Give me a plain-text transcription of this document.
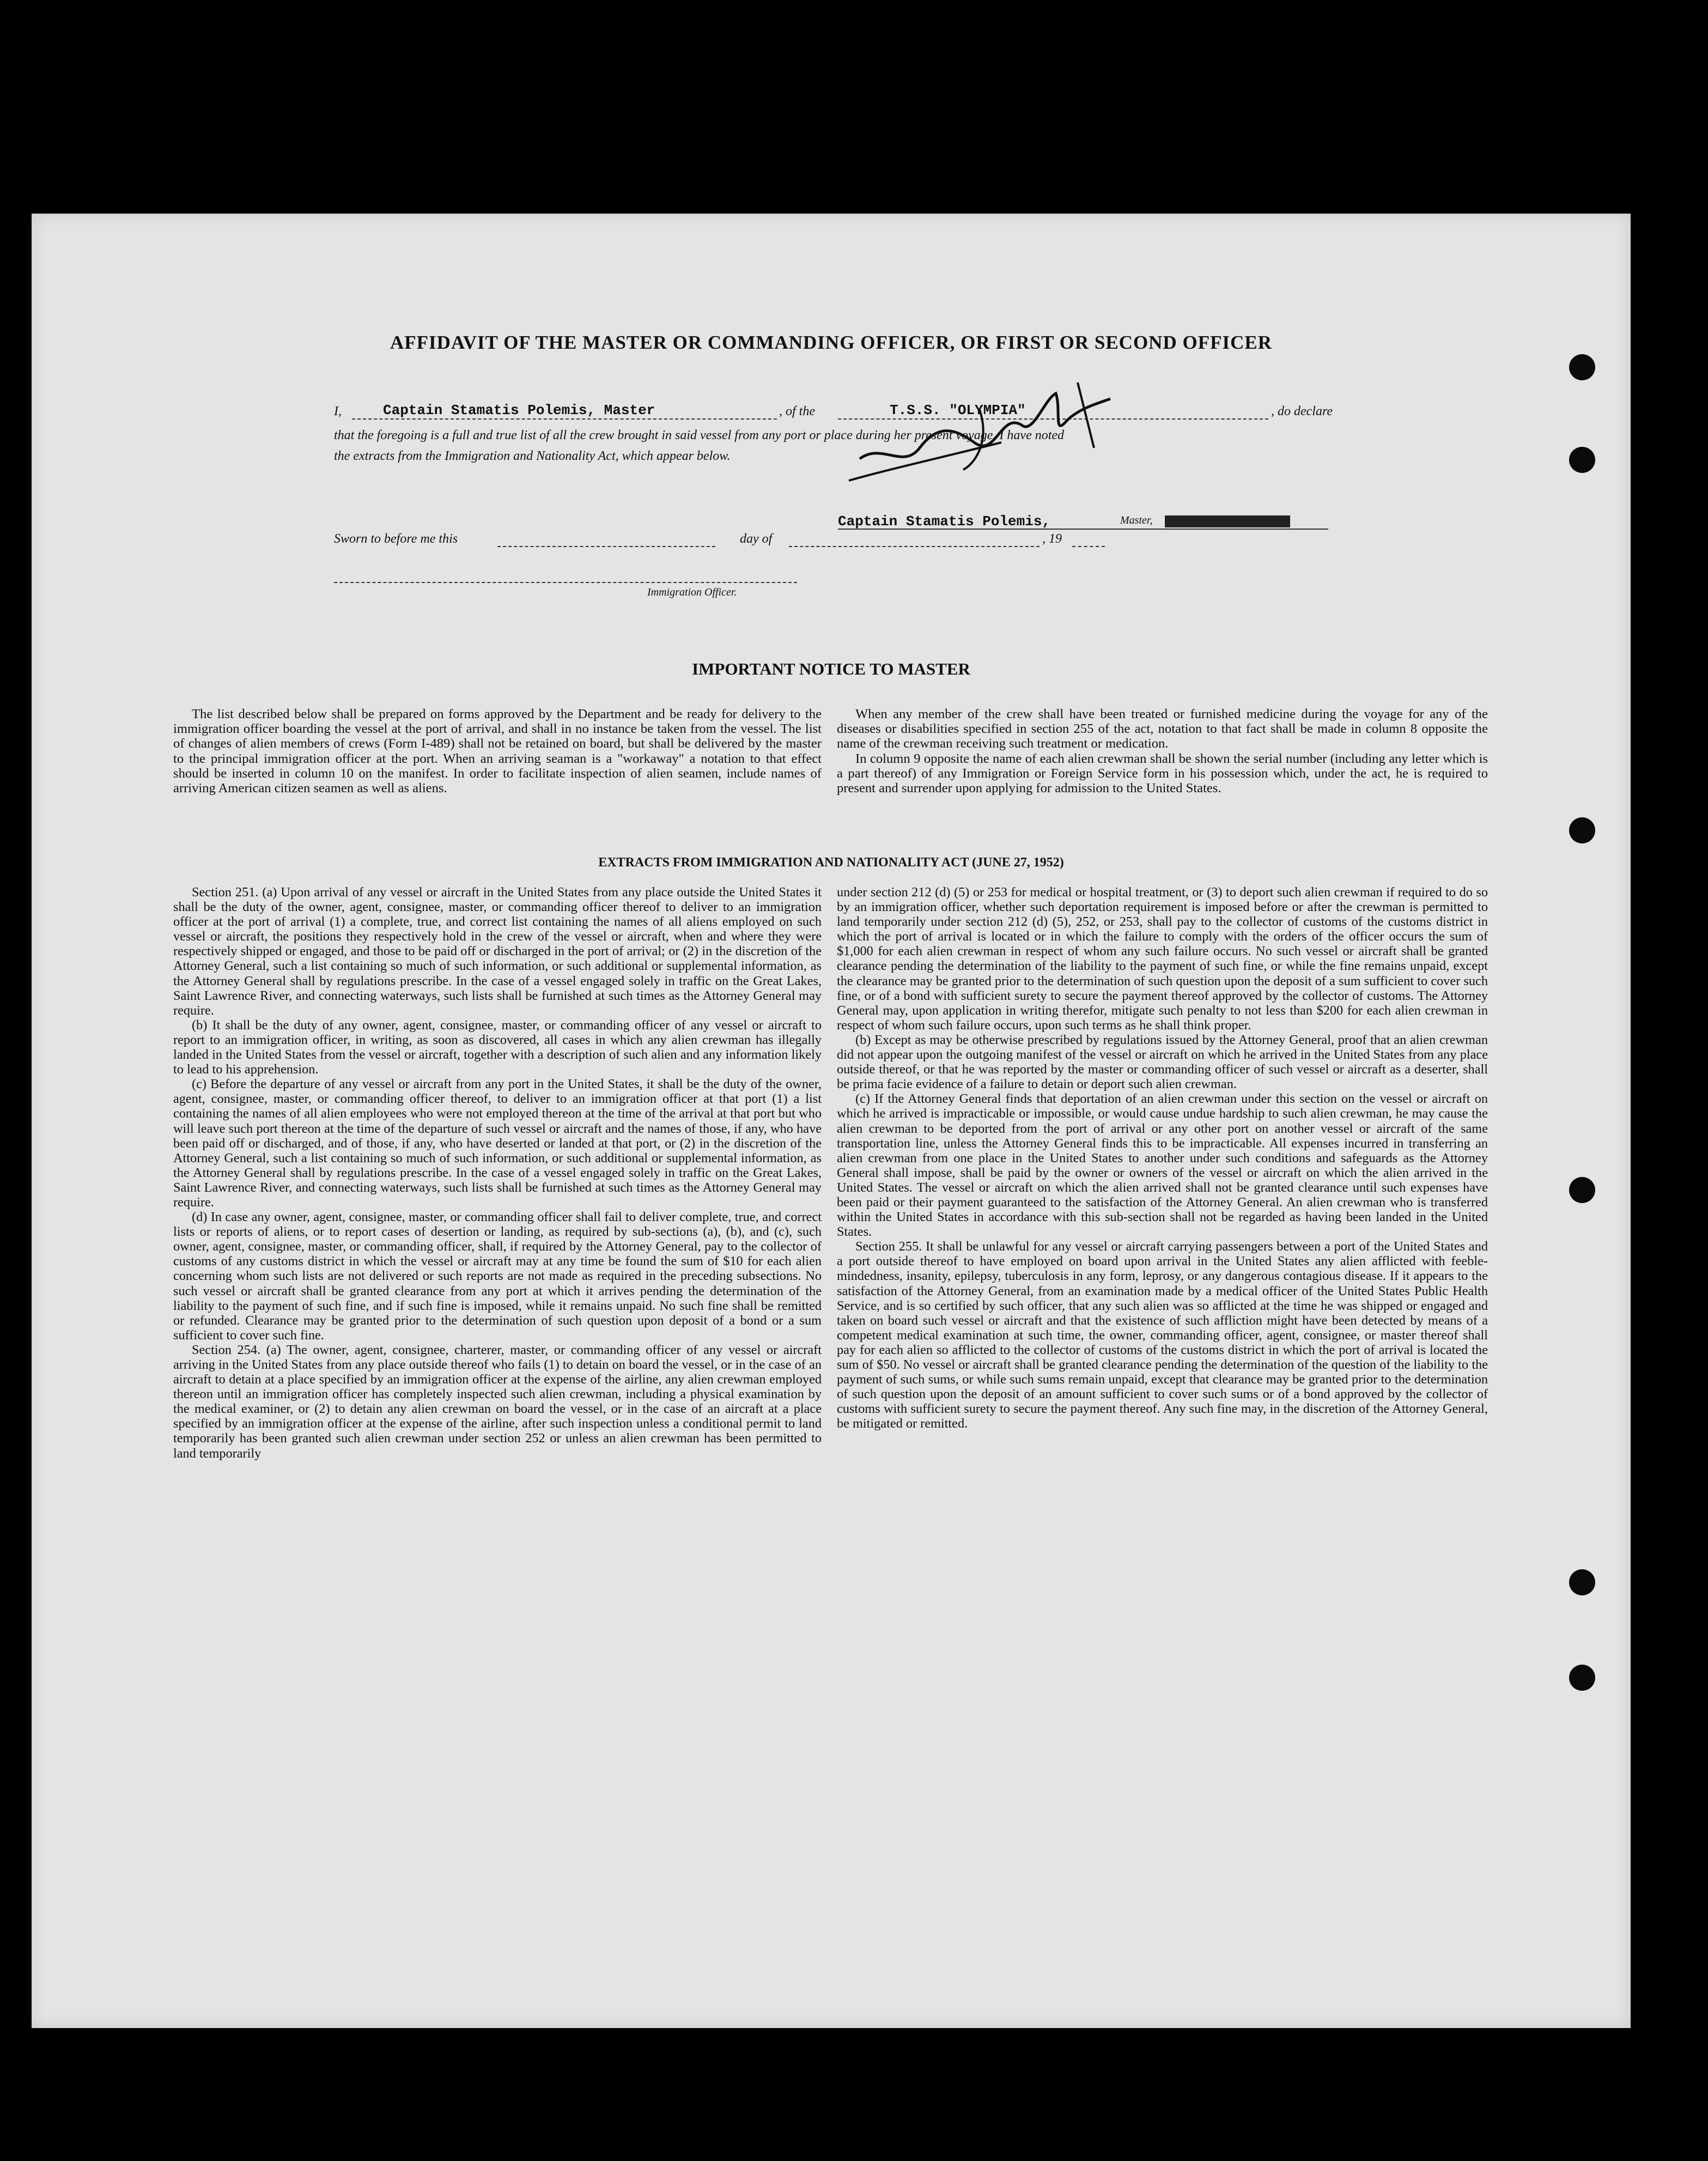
AFFIDAVIT OF THE MASTER OR COMMANDING OFFICER, OR FIRST OR SECOND OFFICER
I,	Captain Stamatis Polemis, Master	, of the	T.S.S. "OLYMPIA"	, do declare
that the foregoing is a full and true list of all the crew brought in said vessel from any port or place during her present voyage. I have noted
the extracts from the Immigration and Nationality Act, which appear below.
Captain Stamatis Polemis,	Master,
Sworn to before me this	day of	, 19
Immigration Officer.
IMPORTANT NOTICE TO MASTER

The list described below shall be prepared on forms approved by the Department and be ready for delivery to the immigration officer boarding the vessel at the port of arrival, and shall in no instance be taken from the vessel. The list of changes of alien members of crews (Form I-489) shall not be retained on board, but shall be delivered by the master to the principal immigration officer at the port. When an arriving seaman is a "workaway" a notation to that effect should be inserted in column 10 on the manifest. In order to facilitate inspection of alien seamen, include names of arriving American citizen seamen as well as aliens.

When any member of the crew shall have been treated or furnished medicine during the voyage for any of the diseases or disabilities specified in section 255 of the act, notation to that fact shall be made in column 8 opposite the name of the crewman receiving such treatment or medication.

In column 9 opposite the name of each alien crewman shall be shown the serial number (including any letter which is a part thereof) of any Immigration or Foreign Service form in his possession which, under the act, he is required to present and surrender upon applying for admission to the United States.

EXTRACTS FROM IMMIGRATION AND NATIONALITY ACT (JUNE 27, 1952)

Section 251. (a) Upon arrival of any vessel or aircraft in the United States from any place outside the United States it shall be the duty of the owner, agent, consignee, master, or commanding officer thereof to deliver to an immigration officer at the port of arrival (1) a complete, true, and correct list containing the names of all aliens employed on such vessel or aircraft, the positions they respectively hold in the crew of the vessel or aircraft, when and where they were respectively shipped or engaged, and those to be paid off or discharged in the port of arrival; or (2) in the discretion of the Attorney General, such a list containing so much of such information, or such additional or supplemental information, as the Attorney General shall by regulations prescribe. In the case of a vessel engaged solely in traffic on the Great Lakes, Saint Lawrence River, and connecting waterways, such lists shall be furnished at such times as the Attorney General may require.

(b) It shall be the duty of any owner, agent, consignee, master, or commanding officer of any vessel or aircraft to report to an immigration officer, in writing, as soon as discovered, all cases in which any alien crewman has illegally landed in the United States from the vessel or aircraft, together with a description of such alien and any information likely to lead to his apprehension.

(c) Before the departure of any vessel or aircraft from any port in the United States, it shall be the duty of the owner, agent, consignee, master, or commanding officer thereof, to deliver to an immigration officer at that port (1) a list containing the names of all alien employees who were not employed thereon at the time of the arrival at that port but who will leave such port thereon at the time of the departure of such vessel or aircraft and the names of those, if any, who have been paid off or discharged, and of those, if any, who have deserted or landed at that port, or (2) in the discretion of the Attorney General, such a list containing so much of such information, or such additional or supplemental information, as the Attorney General shall by regulations prescribe. In the case of a vessel engaged solely in traffic on the Great Lakes, Saint Lawrence River, and connecting waterways, such lists shall be furnished at such times as the Attorney General may require.

(d) In case any owner, agent, consignee, master, or commanding officer shall fail to deliver complete, true, and correct lists or reports of aliens, or to report cases of desertion or landing, as required by sub-sections (a), (b), and (c), such owner, agent, consignee, master, or commanding officer, shall, if required by the Attorney General, pay to the collector of customs of any customs district in which the vessel or aircraft may at any time be found the sum of $10 for each alien concerning whom such lists are not delivered or such reports are not made as required in the preceding subsections. No such vessel or aircraft shall be granted clearance from any port at which it arrives pending the determination of the liability to the payment of such fine, and if such fine is imposed, while it remains unpaid. No such fine shall be remitted or refunded. Clearance may be granted prior to the determination of such question upon deposit of a bond or a sum sufficient to cover such fine.

Section 254. (a) The owner, agent, consignee, charterer, master, or commanding officer of any vessel or aircraft arriving in the United States from any place outside thereof who fails (1) to detain on board the vessel, or in the case of an aircraft to detain at a place specified by an immigration officer at the expense of the airline, any alien crewman employed thereon until an immigration officer has completely inspected such alien crewman, including a physical examination by the medical examiner, or (2) to detain any alien crewman on board the vessel, or in the case of an aircraft at a place specified by an immigration officer at the expense of the airline, after such inspection unless a conditional permit to land temporarily has been granted such alien crewman under section 252 or unless an alien crewman has been permitted to land temporarily

under section 212 (d) (5) or 253 for medical or hospital treatment, or (3) to deport such alien crewman if required to do so by an immigration officer, whether such deportation requirement is imposed before or after the crewman is permitted to land temporarily under section 212 (d) (5), 252, or 253, shall pay to the collector of customs of the customs district in which the port of arrival is located or in which the failure to comply with the orders of the officer occurs the sum of $1,000 for each alien crewman in respect of whom any such failure occurs. No such vessel or aircraft shall be granted clearance pending the determination of the liability to the payment of such fine, or while the fine remains unpaid, except the clearance may be granted prior to the determination of such question upon the deposit of a sum sufficient to cover such fine, or of a bond with sufficient surety to secure the payment thereof approved by the collector of customs. The Attorney General may, upon application in writing therefor, mitigate such penalty to not less than $200 for each alien crewman in respect of whom such failure occurs, upon such terms as he shall think proper.

(b) Except as may be otherwise prescribed by regulations issued by the Attorney General, proof that an alien crewman did not appear upon the outgoing manifest of the vessel or aircraft on which he arrived in the United States from any place outside thereof, or that he was reported by the master or commanding officer of such vessel or aircraft as a deserter, shall be prima facie evidence of a failure to detain or deport such alien crewman.

(c) If the Attorney General finds that deportation of an alien crewman under this section on the vessel or aircraft on which he arrived is impracticable or impossible, or would cause undue hardship to such alien crewman, he may cause the alien crewman to be deported from the port of arrival or any other port on another vessel or aircraft of the same transportation line, unless the Attorney General finds this to be impracticable. All expenses incurred in transferring an alien crewman from one place in the United States to another under such conditions and safeguards as the Attorney General shall impose, shall be paid by the owner or owners of the vessel or aircraft on which the alien arrived in the United States. The vessel or aircraft on which the alien arrived shall not be granted clearance until such expenses have been paid or their payment guaranteed to the satisfaction of the Attorney General. An alien crewman who is transferred within the United States in accordance with this sub-section shall not be regarded as having been landed in the United States.

Section 255. It shall be unlawful for any vessel or aircraft carrying passengers between a port of the United States and a port outside thereof to have employed on board upon arrival in the United States any alien afflicted with feeble-mindedness, insanity, epilepsy, tuberculosis in any form, leprosy, or any dangerous contagious disease. If it appears to the satisfaction of the Attorney General, from an examination made by a medical officer of the United States Public Health Service, and is so certified by such officer, that any such alien was so afflicted at the time he was shipped or engaged and taken on board such vessel or aircraft and that the existence of such affliction might have been detected by means of a competent medical examination at such time, the owner, commanding officer, agent, consignee, or master thereof shall pay for each alien so afflicted to the collector of customs of the customs district in which the port of arrival is located the sum of $50. No vessel or aircraft shall be granted clearance pending the determination of the question of the liability to the payment of such sums, or while such sums remain unpaid, except that clearance may be granted prior to the determination of such question upon the deposit of an amount sufficient to cover such sums or of a bond approved by the collector of customs with sufficient surety to secure the payment thereof. Any such fine may, in the discretion of the Attorney General, be mitigated or remitted.
